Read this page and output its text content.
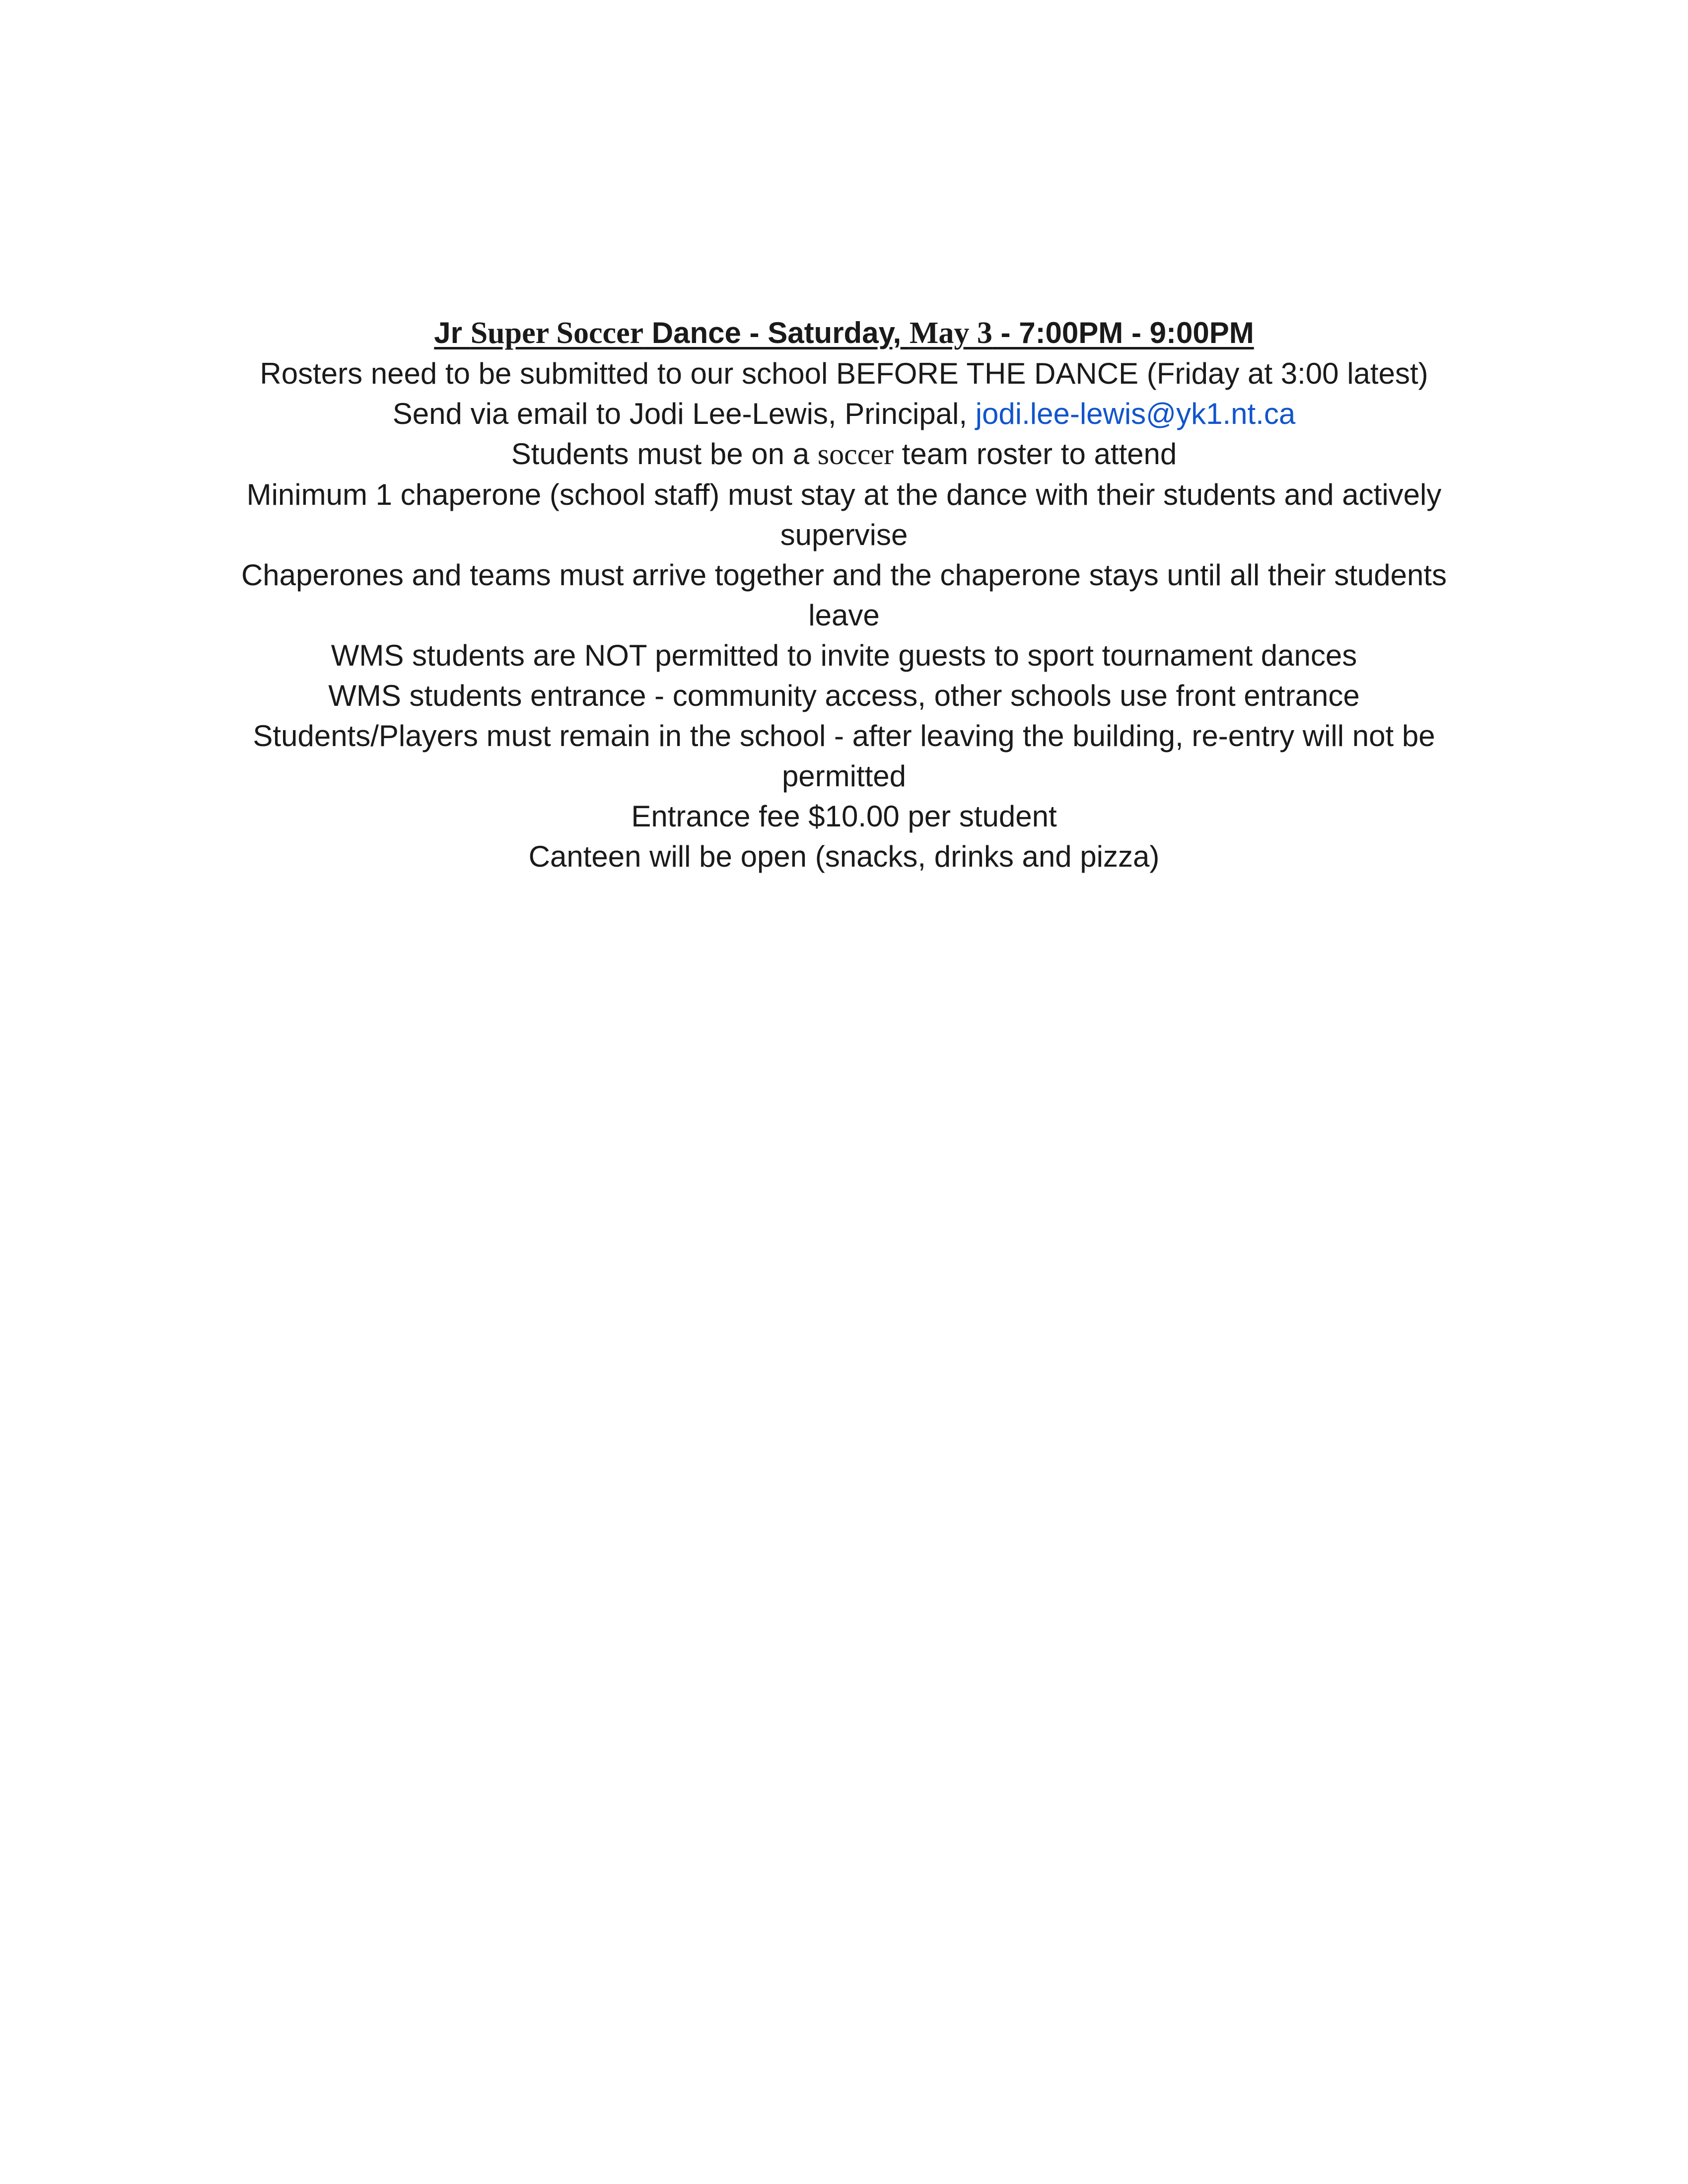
Jr Super Soccer Dance - Saturday, May 3 - 7:00PM - 9:00PM

Rosters need to be submitted to our school BEFORE THE DANCE (Friday at 3:00 latest)

Send via email to Jodi Lee-Lewis, Principal, jodi.lee-lewis@yk1.nt.ca

Students must be on a soccer team roster to attend

Minimum 1 chaperone (school staff) must stay at the dance with their students and actively supervise

Chaperones and teams must arrive together and the chaperone stays until all their students leave

WMS students are NOT permitted to invite guests to sport tournament dances

WMS students entrance - community access, other schools use front entrance

Students/Players must remain in the school - after leaving the building, re-entry will not be permitted

Entrance fee $10.00 per student

Canteen will be open (snacks, drinks and pizza)
